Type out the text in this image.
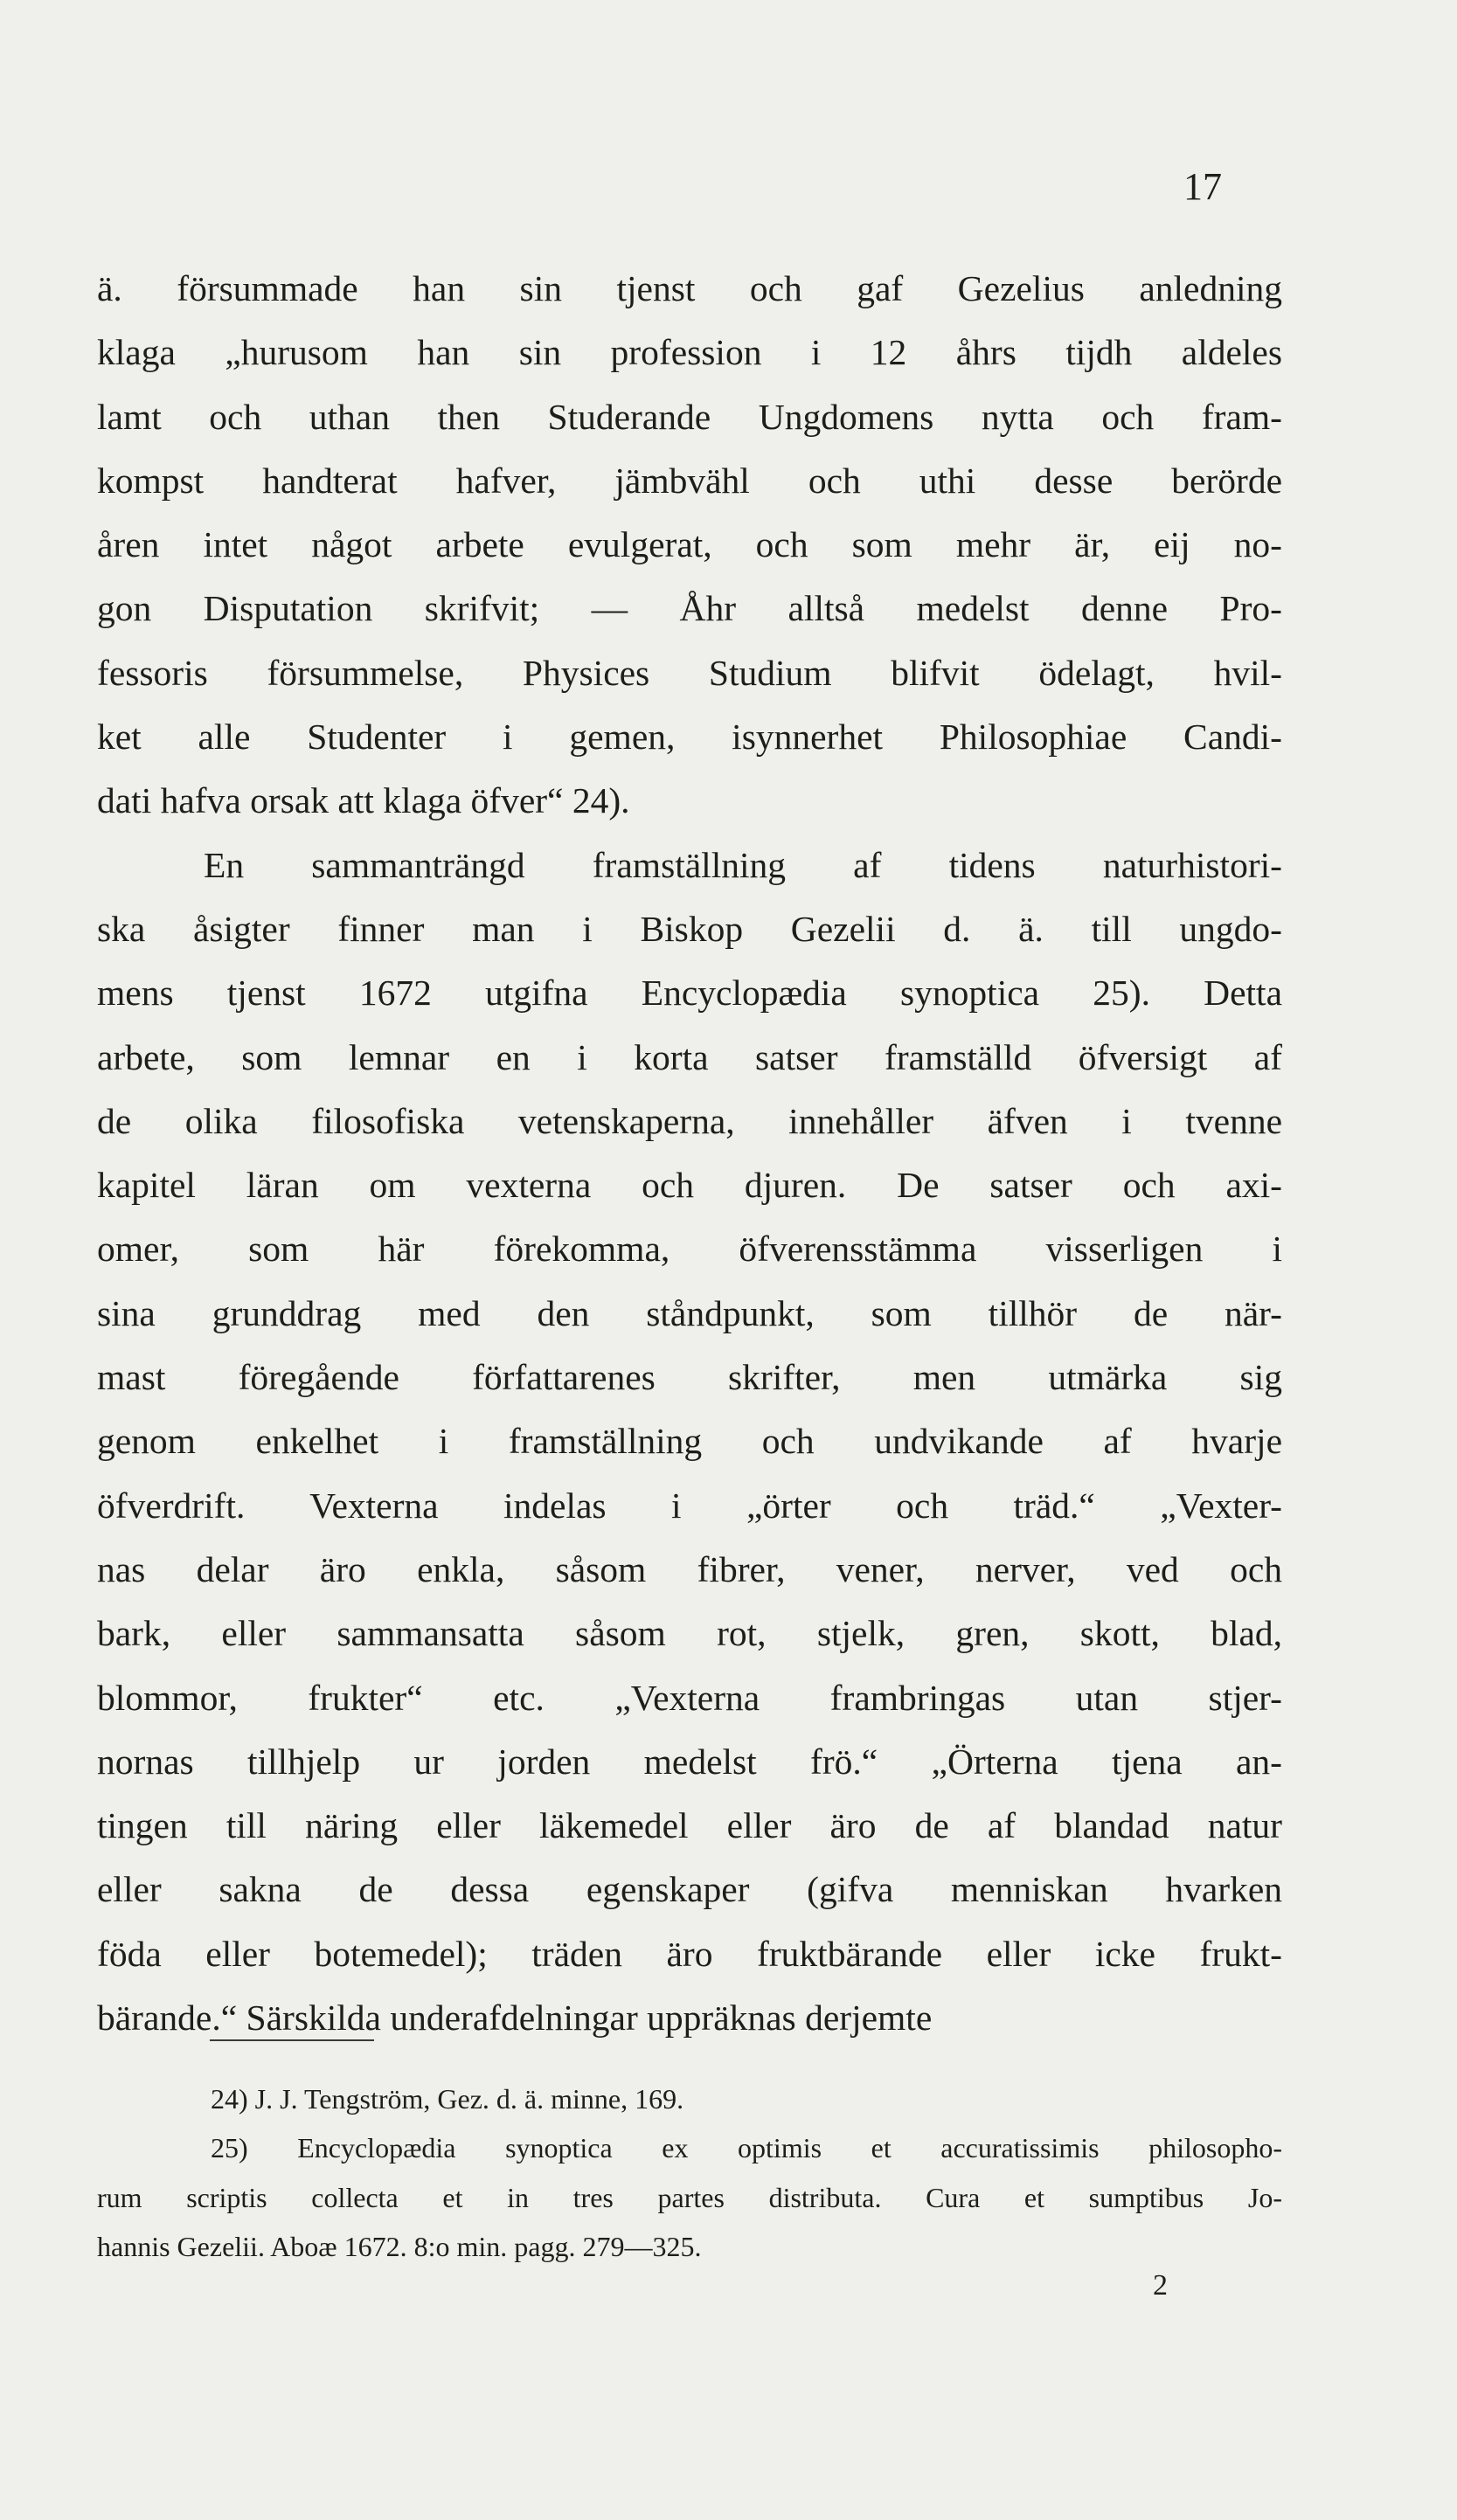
17
ä. försummade han sin tjenst och gaf Gezelius anledning
klaga „hurusom han sin profession i 12 åhrs tijdh aldeles
lamt och uthan then Studerande Ungdomens nytta och fram-
kompst handterat hafver, jämbvähl och uthi desse berörde
åren intet något arbete evulgerat, och som mehr är, eij no-
gon Disputation skrifvit; — Åhr alltså medelst denne Pro-
fessoris försummelse, Physices Studium blifvit ödelagt, hvil-
ket alle Studenter i gemen, isynnerhet Philosophiae Candi-
dati hafva orsak att klaga öfver“ 24).
En sammanträngd framställning af tidens naturhistori-
ska åsigter finner man i Biskop Gezelii d. ä. till ungdo-
mens tjenst 1672 utgifna Encyclopædia synoptica 25). Detta
arbete, som lemnar en i korta satser framställd öfversigt af
de olika filosofiska vetenskaperna, innehåller äfven i tvenne
kapitel läran om vexterna och djuren. De satser och axi-
omer, som här förekomma, öfverensstämma visserligen i
sina grunddrag med den ståndpunkt, som tillhör de när-
mast föregående författarenes skrifter, men utmärka sig
genom enkelhet i framställning och undvikande af hvarje
öfverdrift. Vexterna indelas i „örter och träd.“ „Vexter-
nas delar äro enkla, såsom fibrer, vener, nerver, ved och
bark, eller sammansatta såsom rot, stjelk, gren, skott, blad,
blommor, frukter“ etc. „Vexterna frambringas utan stjer-
nornas tillhjelp ur jorden medelst frö.“ „Örterna tjena an-
tingen till näring eller läkemedel eller äro de af blandad natur
eller sakna de dessa egenskaper (gifva menniskan hvarken
föda eller botemedel); träden äro fruktbärande eller icke frukt-
bärande.“ Särskilda underafdelningar uppräknas derjemte
24) J. J. Tengström, Gez. d. ä. minne, 169.
25) Encyclopædia synoptica ex optimis et accuratissimis philosopho-
rum scriptis collecta et in tres partes distributa. Cura et sumptibus Jo-
hannis Gezelii. Aboæ 1672. 8:o min. pagg. 279—325.
2
